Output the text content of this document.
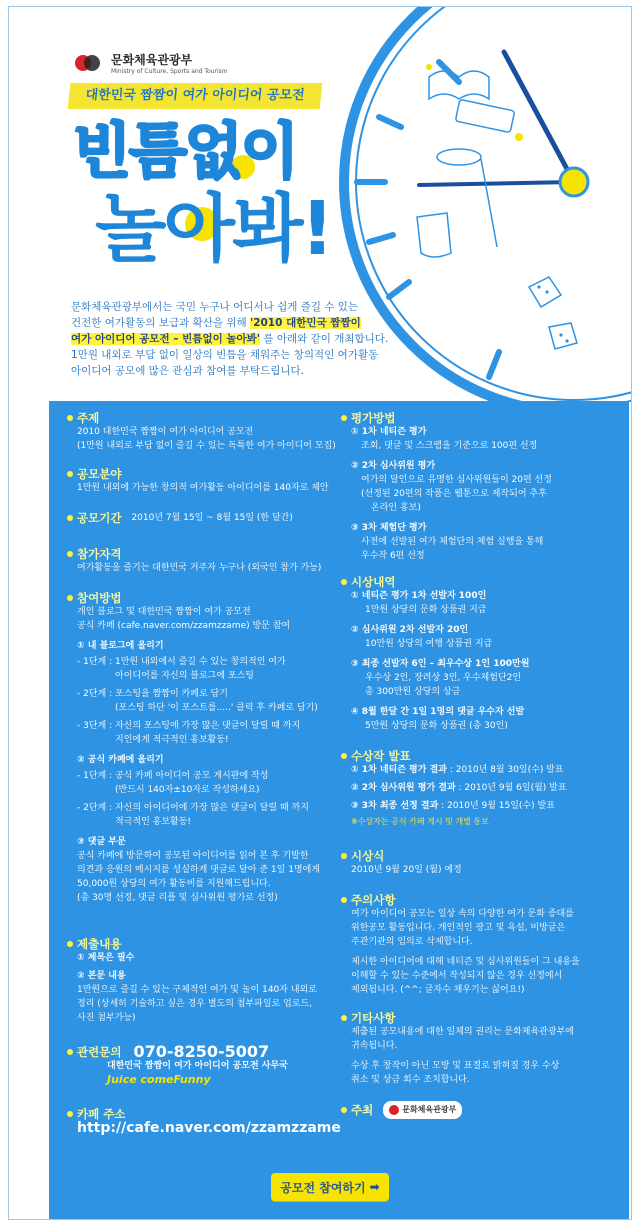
문화체육관광부
Ministry of Culture, Sports and Tourism
대한민국 짬짬이 여가 아이디어 공모전
빈틈없이
놀아봐!
문화체육관광부에서는 국민 누구나 어디서나 쉽게 즐길 수 있는
건전한 여가활동의 보급과 확산을 위해 '2010 대한민국 짬짬이
여가 아이디어 공모전 – 빈틈없이 놀아봐' 를 아래와 같이 개최합니다.
1만원 내외로 부담 없이 일상의 빈틈을 채워주는 창의적인 여가활동
아이디어 공모에 많은 관심과 참여를 부탁드립니다.
주제
2010 대한민국 짬짬이 여가 아이디어 공모전
(1만원 내외로 부담 없이 즐길 수 있는 독특한 여가 아이디어 모집)
공모분야
1만원 내외에 가능한 창의적 여가활동 아이디어를 140자로 제안
공모기간 2010년 7월 15일 ~ 8월 15일 (한 달간)
참가자격
여가활동을 즐기는 대한민국 거주자 누구나 (외국인 참가 가능)
참여방법
개인 블로그 및 대한민국 짬짬이 여가 공모전
공식 카페 (cafe.naver.com/zzamzzame) 방문 참여
① 내 블로그에 올리기
- 1단계 : 1만원 내외에서 즐길 수 있는 창의적인 여가
아이디어를 자신의 블로그에 포스팅
- 2단계 : 포스팅을 짬짬이 카페로 담기
(포스팅 하단 '이 포스트를.....' 클릭 후 카페로 담기)
- 3단계 : 자신의 포스팅에 가장 많은 댓글이 달릴 때 까지
지인에게 적극적인 홍보활동!
② 공식 카페에 올리기
- 1단계 : 공식 카페 아이디어 공모 게시판에 작성
(반드시 140자±10자로 작성하세요)
- 2단계 : 자신의 아이디어에 가장 많은 댓글이 달릴 때 까지
적극적인 홍보활동!
③ 댓글 부문
공식 카페에 방문하여 공모된 아이디어를 읽어 본 후 기발한
의견과 응원의 메시지를 성실하게 댓글로 달아 준 1일 1명에게
50,000원 상당의 여가 활동비를 지원해드립니다.
(총 30명 선정, 댓글 리플 및 심사위원 평가로 선정)
제출내용
① 제목은 필수
② 본문 내용
1만원으로 즐길 수 있는 구체적인 여가 및 놀이 140자 내외로
정리 (상세히 기술하고 싶은 경우 별도의 첨부파일로 업로드,
사진 첨부가능)
관련문의 070-8250-5007
대한민국 짬짬이 여가 아이디어 공모전 사무국
Juice comeFunny
카페 주소
http://cafe.naver.com/zzamzzame
평가방법
① 1차 네티즌 평가
조회, 댓글 및 스크랩을 기준으로 100편 선정
② 2차 심사위원 평가
여가의 달인으로 유명한 심사위원들이 20편 선정
(선정된 20편의 작품은 웹툰으로 제작되어 추후
온라인 홍보)
③ 3차 체험단 평가
사전에 선발된 여가 체험단의 체험 실행을 통해
우수작 6편 선정
시상내역
① 네티즌 평가 1차 선발자 100인
1만원 상당의 문화 상품권 지급
② 심사위원 2차 선발자 20인
10만원 상당의 여행 상품권 지급
③ 최종 선발자 6인 – 최우수상 1인 100만원
우수상 2인, 장려상 3인, 우수체험단2인
총 300만원 상당의 상금
④ 8월 한달 간 1일 1명의 댓글 우수자 선발
5만원 상당의 문화 상품권 (총 30인)
수상작 발표
① 1차 네티즌 평가 결과 : 2010년 8월 30일(수) 발표
② 2차 심사위원 평가 결과 : 2010년 9월 6일(월) 발표
③ 3차 최종 선정 결과 : 2010년 9월 15일(수) 발표
※수상자는 공식 카페 게시 및 개별 통보
시상식
2010년 9월 20일 (월) 예정
주의사항
여가 아이디어 공모는 일상 속의 다양한 여가 문화 증대를
위한공모 활동입니다. 개인적인 광고 및 욕설, 비방글은
주관기관의 임의로 삭제합니다.
제시한 아이디어에 대해 네티즌 및 심사위원들이 그 내용을
이해할 수 있는 수준에서 작성되지 않은 경우 선정에서
제외됩니다. (^^; 글자수 채우기는 싫어요!)
기타사항
제출된 공모내용에 대한 일체의 권리는 문화체육관광부에
귀속됩니다.
수상 후 창작이 아닌 모방 및 표절로 밝혀질 경우 수상
취소 및 상금 회수 조치합니다.
주최	문화체육관광부
공모전 참여하기 ➡
